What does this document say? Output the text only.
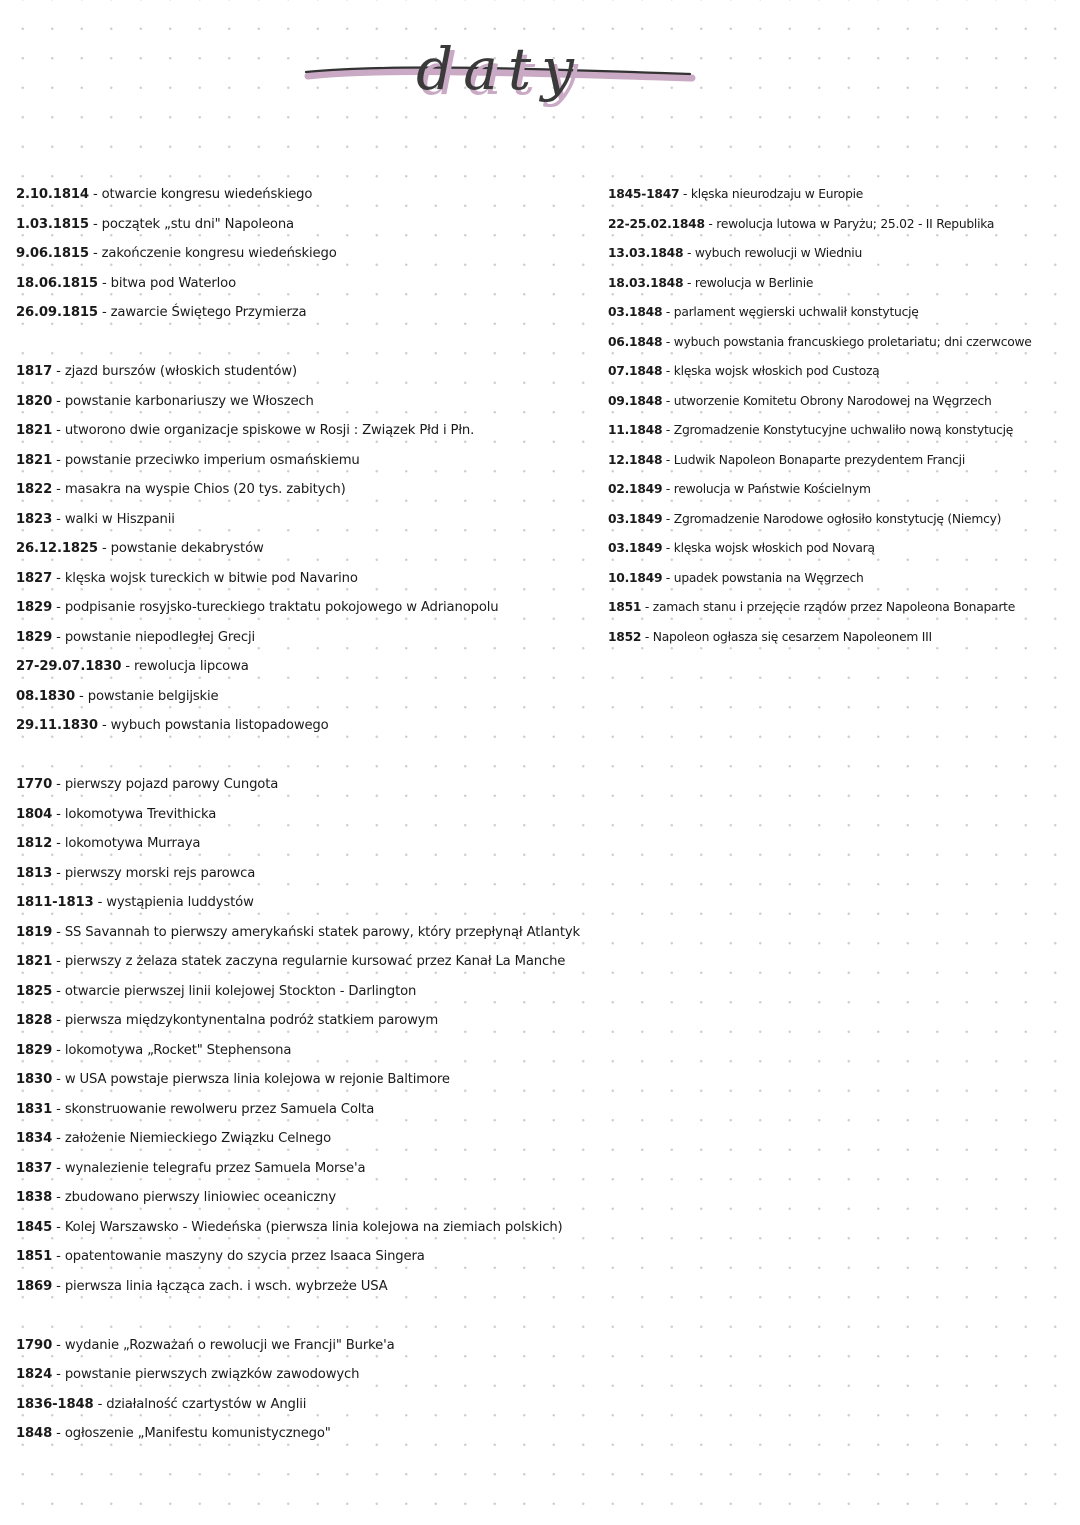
daty
2.10.1814 - otwarcie kongresu wiedeńskiego
1.03.1815 - początek „stu dni" Napoleona
9.06.1815 - zakończenie kongresu wiedeńskiego
18.06.1815 - bitwa pod Waterloo
26.09.1815 - zawarcie Świętego Przymierza
1817 - zjazd burszów (włoskich studentów)
1820 - powstanie karbonariuszy we Włoszech
1821 - utworono dwie organizacje spiskowe w Rosji : Związek Płd i Płn.
1821 - powstanie przeciwko imperium osmańskiemu
1822 - masakra na wyspie Chios (20 tys. zabitych)
1823 - walki w Hiszpanii
26.12.1825 - powstanie dekabrystów
1827 - klęska wojsk tureckich w bitwie pod Navarino
1829 - podpisanie rosyjsko-tureckiego traktatu pokojowego w Adrianopolu
1829 - powstanie niepodległej Grecji
27-29.07.1830 - rewolucja lipcowa
08.1830 - powstanie belgijskie
29.11.1830 - wybuch powstania listopadowego
1770 - pierwszy pojazd parowy Cungota
1804 - lokomotywa Trevithicka
1812 - lokomotywa Murraya
1813 - pierwszy morski rejs parowca
1811-1813 - wystąpienia luddystów
1819 - SS Savannah to pierwszy amerykański statek parowy, który przepłynął Atlantyk
1821 - pierwszy z żelaza statek zaczyna regularnie kursować przez Kanał La Manche
1825 - otwarcie pierwszej linii kolejowej Stockton - Darlington
1828 - pierwsza międzykontynentalna podróż statkiem parowym
1829 - lokomotywa „Rocket" Stephensona
1830 - w USA powstaje pierwsza linia kolejowa w rejonie Baltimore
1831 - skonstruowanie rewolweru przez Samuela Colta
1834 - założenie Niemieckiego Związku Celnego
1837 - wynalezienie telegrafu przez Samuela Morse'a
1838 - zbudowano pierwszy liniowiec oceaniczny
1845 - Kolej Warszawsko - Wiedeńska (pierwsza linia kolejowa na ziemiach polskich)
1851 - opatentowanie maszyny do szycia przez Isaaca Singera
1869 - pierwsza linia łącząca zach. i wsch. wybrzeże USA
1790 - wydanie „Rozważań o rewolucji we Francji" Burke'a
1824 - powstanie pierwszych związków zawodowych
1836-1848 - działalność czartystów w Anglii
1848 - ogłoszenie „Manifestu komunistycznego"
1845-1847 - klęska nieurodzaju w Europie
22-25.02.1848 - rewolucja lutowa w Paryżu; 25.02 - II Republika
13.03.1848 - wybuch rewolucji w Wiedniu
18.03.1848 - rewolucja w Berlinie
03.1848 - parlament węgierski uchwalił konstytucję
06.1848 - wybuch powstania francuskiego proletariatu; dni czerwcowe
07.1848 - klęska wojsk włoskich pod Custozą
09.1848 - utworzenie Komitetu Obrony Narodowej na Węgrzech
11.1848 - Zgromadzenie Konstytucyjne uchwaliło nową konstytucję
12.1848 - Ludwik Napoleon Bonaparte prezydentem Francji
02.1849 - rewolucja w Państwie Kościelnym
03.1849 - Zgromadzenie Narodowe ogłosiło konstytucję (Niemcy)
03.1849 - klęska wojsk włoskich pod Novarą
10.1849 - upadek powstania na Węgrzech
1851 - zamach stanu i przejęcie rządów przez Napoleona Bonaparte
1852 - Napoleon ogłasza się cesarzem Napoleonem III
